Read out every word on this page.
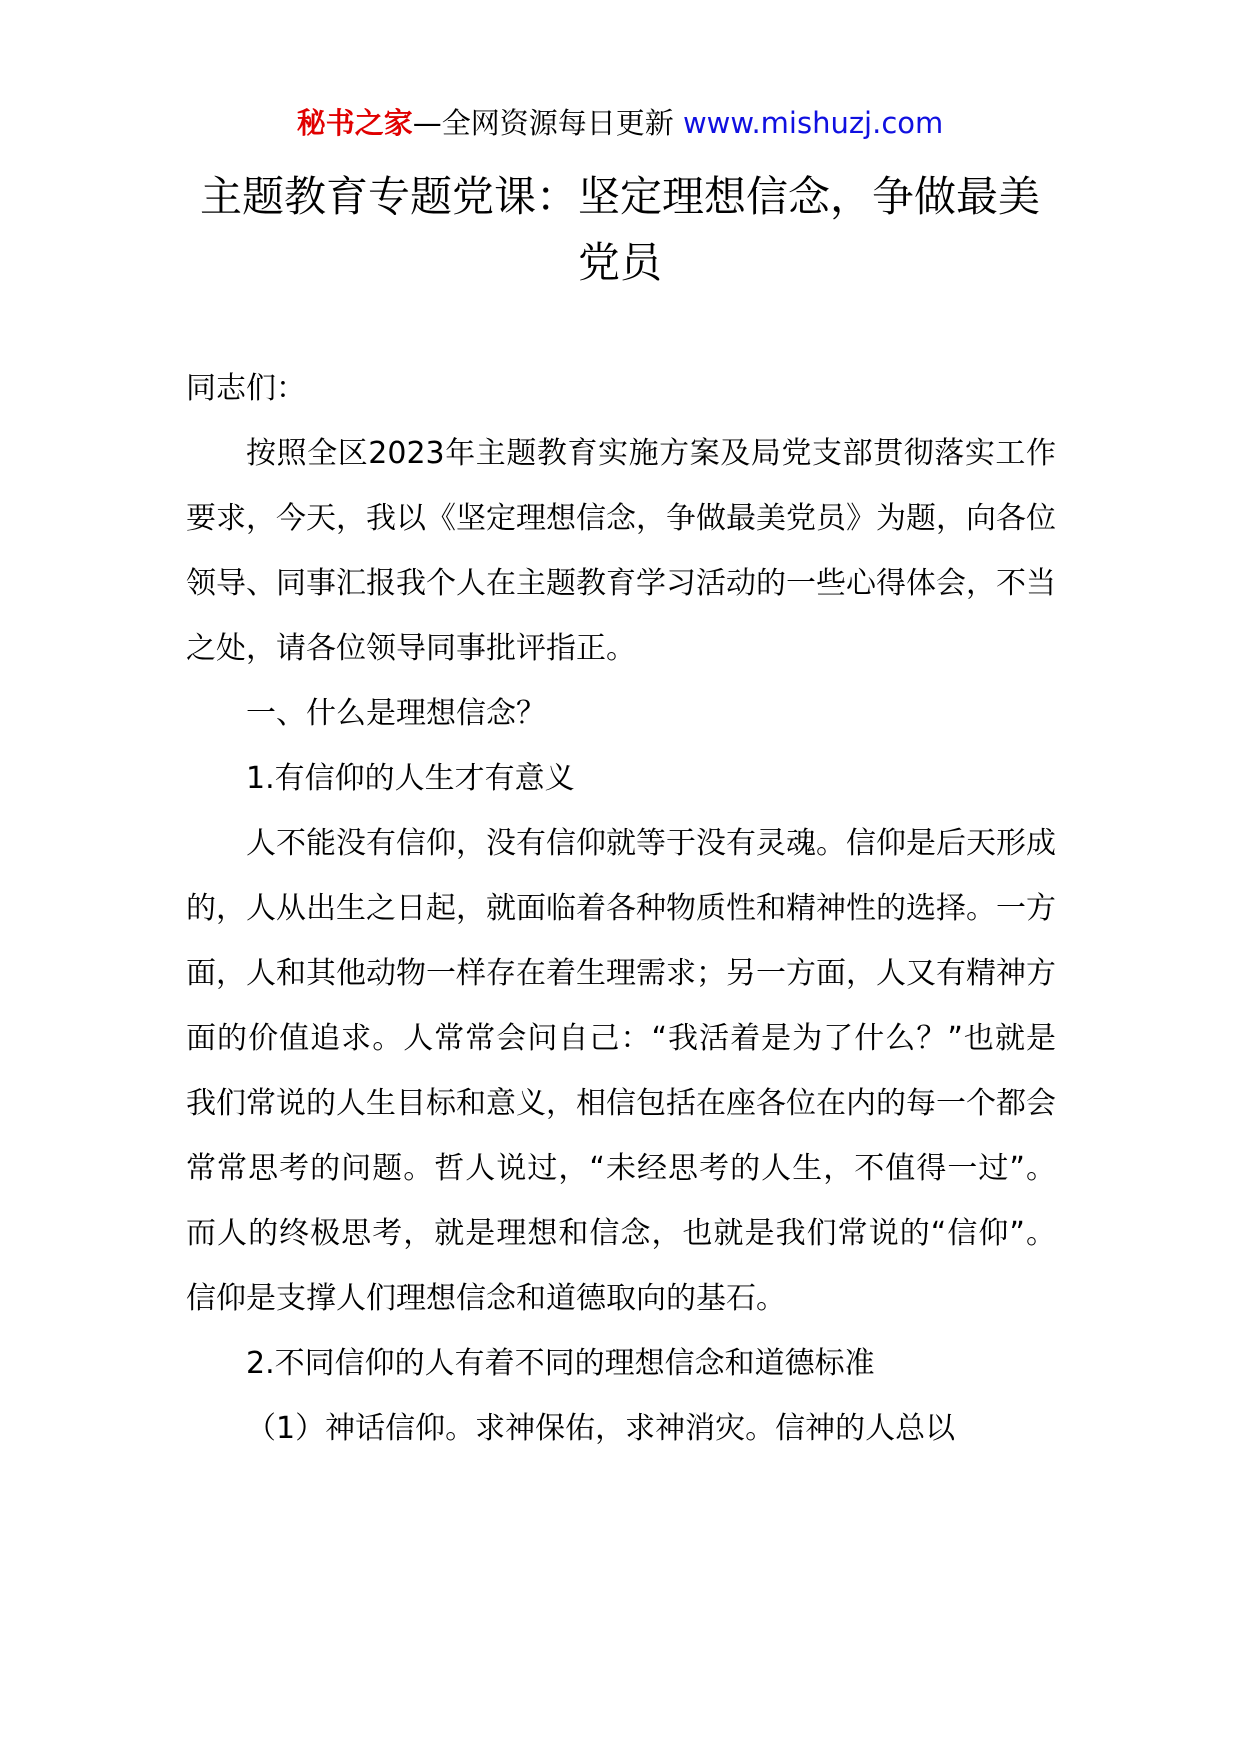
秘书之家—全网资源每日更新 www.mishuzj.com
主题教育专题党课：坚定理想信念，争做最美党员

同志们：

按照全区2023年主题教育实施方案及局党支部贯彻落实工作要求，今天，我以《坚定理想信念，争做最美党员》为题，向各位领导、同事汇报我个人在主题教育学习活动的一些心得体会，不当之处，请各位领导同事批评指正。

一、什么是理想信念？

1.有信仰的人生才有意义

人不能没有信仰，没有信仰就等于没有灵魂。信仰是后天形成的，人从出生之日起，就面临着各种物质性和精神性的选择。一方面，人和其他动物一样存在着生理需求；另一方面，人又有精神方面的价值追求。人常常会问自己：“我活着是为了什么？”也就是我们常说的人生目标和意义，相信包括在座各位在内的每一个都会常常思考的问题。哲人说过，“未经思考的人生，不值得一过”。而人的终极思考，就是理想和信念，也就是我们常说的“信仰”。信仰是支撑人们理想信念和道德取向的基石。

2.不同信仰的人有着不同的理想信念和道德标准

（1）神话信仰。求神保佑，求神消灾。信神的人总以
